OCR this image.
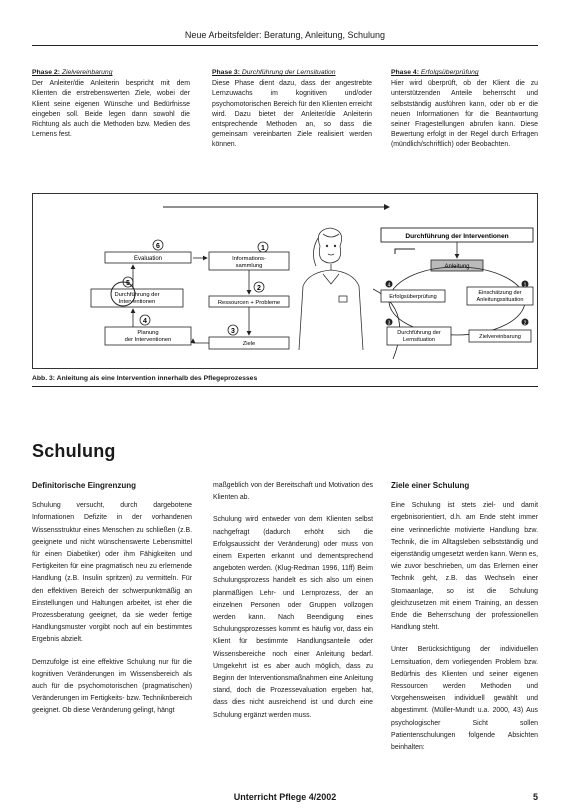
Neue Arbeitsfelder: Beratung, Anleitung, Schulung
Phase 2: Zielvereinbarung
Der Anleiter/die Anleiterin bespricht mit dem Klienten die erstrebenswerten Ziele, wobei der Klient seine eigenen Wünsche und Bedürfnisse eingeben soll. Beide legen dann sowohl die Richtung als auch die Methoden bzw. Medien des Lernens fest.
Phase 3: Durchführung der Lernsituation
Diese Phase dient dazu, dass der angestrebte Lernzuwachs im kognitiven und/oder psychomotorischen Bereich für den Klienten erreicht wird. Dazu bietet der Anleiter/die Anleiterin entsprechende Methoden an, so dass die gemeinsam vereinbarten Ziele realisiert werden können.
Phase 4: Erfolgsüberprüfung
Hier wird überprüft, ob der Klient die zu unterstützenden Anteile beherrscht und selbstständig ausführen kann, oder ob er die neuen Informationen für die Beantwortung seiner Fragestellungen abrufen kann. Diese Bewertung erfolgt in der Regel durch Erfragen (mündlich/schriftlich) oder Beobachten.
Evaluation
Durchführung der
Interventionen
Planung
der Interventionen
Informations-
sammlung
Ressourcen + Probleme
Ziele
6
5
4
1
2
3
Durchführung der Interventionen
Anleitung
Erfolgsüberprüfung
Einschätzung der
Anleitungssituation
Durchführung der
Lernsituation	Zielvereinbarung
4	1
3	2
Abb. 3: Anleitung als eine Intervention innerhalb des Pflegeprozesses
Schulung
Definitorische Eingrenzung

Schulung versucht, durch dargebotene Informationen Defizite in der vorhandenen Wissensstruktur eines Menschen zu schließen (z.B. geeignete und nicht wünschenswerte Lebensmittel für einen Diabetiker) oder ihm Fähigkeiten und Fertigkeiten für eine pragmatisch neu zu erlernende Handlung (z.B. Insulin spritzen) zu vermitteln. Für den effektiven Bereich der schwerpunktmäßig an Einstellungen und Haltungen arbeitet, ist eher die Prozessberatung geeignet, da sie weder fertige Handlungsmuster vorgibt noch auf ein bestimmtes Ergebnis abzielt.

Demzufolge ist eine effektive Schulung nur für die kognitiven Veränderungen im Wissensbereich als auch für die psychomotorischen (pragmatischen) Veränderungen im Fertigkeits- bzw. Techniknbereich geeignet. Ob diese Veränderung gelingt, hängt

maßgeblich von der Bereitschaft und Motivation des Klienten ab.

Schulung wird entweder von dem Klienten selbst nachgefragt (dadurch erhöht sich die Erfolgsaussicht der Veränderung) oder muss von einem Experten erkannt und dementsprechend angeboten werden. (Klug-Redman 1996, 11ff) Beim Schulungsprozess handelt es sich also um einen planmäßigen Lehr- und Lernprozess, der an einzelnen Personen oder Gruppen vollzogen werden kann. Nach Beendigung eines Schulungsprozesses kommt es häufig vor, dass ein Klient für bestimmte Handlungsanteile oder Wissensbereiche noch einer Anleitung bedarf. Umgekehrt ist es aber auch möglich, dass zu Beginn der Interventionsmaßnahmen eine Anleitung stand, doch die Prozessevaluation ergeben hat, dass dies nicht ausreichend ist und durch eine Schulung ergänzt werden muss.

Ziele einer Schulung

Eine Schulung ist stets ziel- und damit ergebnisorientiert, d.h. am Ende steht immer eine verinnerlichte motivierte Handlung bzw. Technik, die im Alltagsleben selbstständig und eigenständig umgesetzt werden kann. Wenn es, wie zuvor beschrieben, um das Erlernen einer Technik geht, z.B. das Wechseln einer Stomaanlage, so ist die Schulung gleichzusetzen mit einem Training, an dessen Ende die Beherrschung der professionellen Handlung steht.

Unter Berücksichtigung der individuellen Lernsituation, dem vorliegenden Problem bzw. Bedürfnis des Klienten und seiner eigenen Ressourcen werden Methoden und Vorgehensweisen individuell gewählt und abgestimmt. (Müller-Mundt u.a. 2000, 43) Aus psychologischer Sicht sollen Patientenschulungen folgende Absichten beinhalten:

Unterricht Pflege 4/2002	5
